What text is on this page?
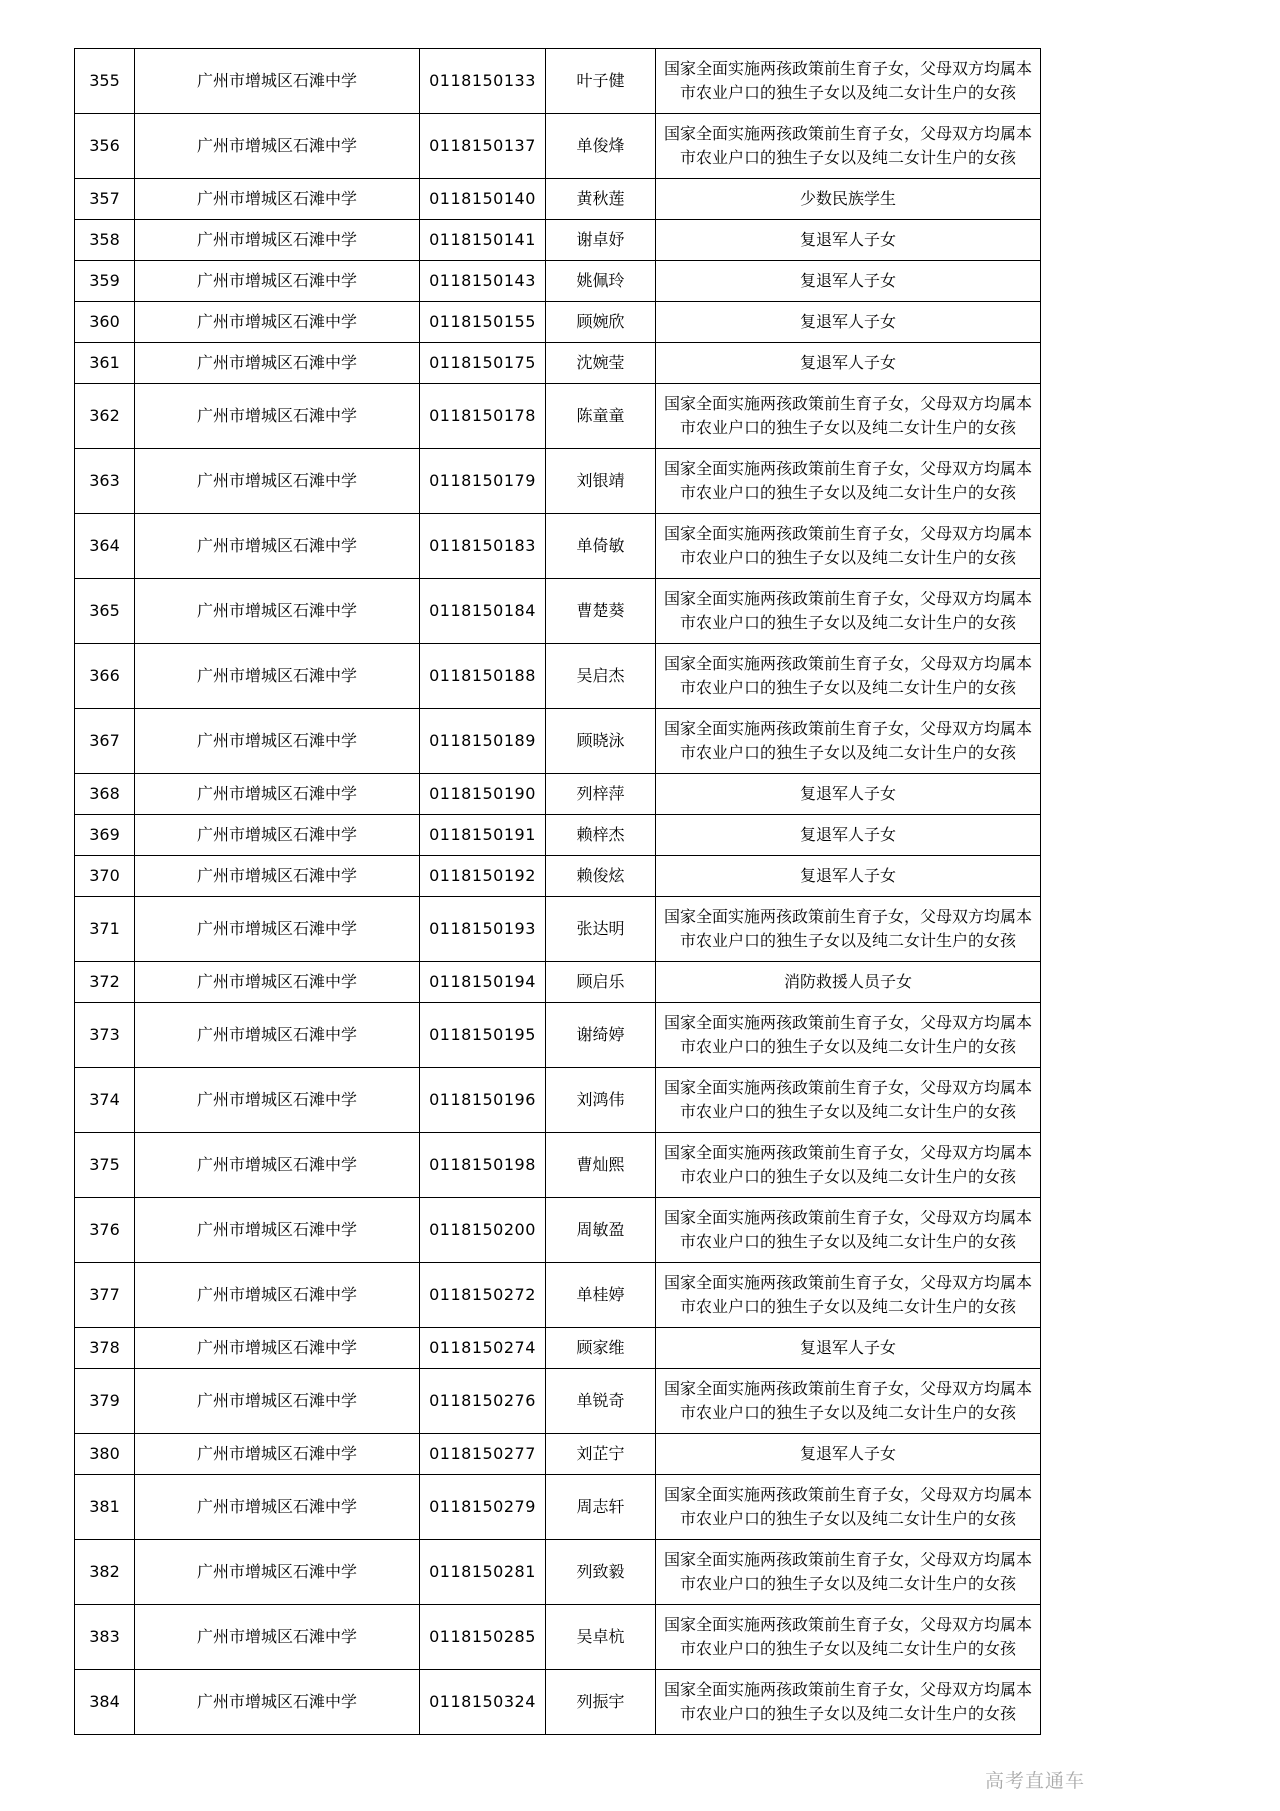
355	广州市增城区石滩中学	0118150133	叶子健	国家全面实施两孩政策前生育子女，父母双方均属本市农业户口的独生子女以及纯二女计生户的女孩
356	广州市增城区石滩中学	0118150137	单俊烽	国家全面实施两孩政策前生育子女，父母双方均属本市农业户口的独生子女以及纯二女计生户的女孩
357	广州市增城区石滩中学	0118150140	黄秋莲	少数民族学生
358	广州市增城区石滩中学	0118150141	谢卓妤	复退军人子女
359	广州市增城区石滩中学	0118150143	姚佩玲	复退军人子女
360	广州市增城区石滩中学	0118150155	顾婉欣	复退军人子女
361	广州市增城区石滩中学	0118150175	沈婉莹	复退军人子女
362	广州市增城区石滩中学	0118150178	陈童童	国家全面实施两孩政策前生育子女，父母双方均属本市农业户口的独生子女以及纯二女计生户的女孩
363	广州市增城区石滩中学	0118150179	刘银靖	国家全面实施两孩政策前生育子女，父母双方均属本市农业户口的独生子女以及纯二女计生户的女孩
364	广州市增城区石滩中学	0118150183	单倚敏	国家全面实施两孩政策前生育子女，父母双方均属本市农业户口的独生子女以及纯二女计生户的女孩
365	广州市增城区石滩中学	0118150184	曹楚葵	国家全面实施两孩政策前生育子女，父母双方均属本市农业户口的独生子女以及纯二女计生户的女孩
366	广州市增城区石滩中学	0118150188	吴启杰	国家全面实施两孩政策前生育子女，父母双方均属本市农业户口的独生子女以及纯二女计生户的女孩
367	广州市增城区石滩中学	0118150189	顾晓泳	国家全面实施两孩政策前生育子女，父母双方均属本市农业户口的独生子女以及纯二女计生户的女孩
368	广州市增城区石滩中学	0118150190	列梓萍	复退军人子女
369	广州市增城区石滩中学	0118150191	赖梓杰	复退军人子女
370	广州市增城区石滩中学	0118150192	赖俊炫	复退军人子女
371	广州市增城区石滩中学	0118150193	张达明	国家全面实施两孩政策前生育子女，父母双方均属本市农业户口的独生子女以及纯二女计生户的女孩
372	广州市增城区石滩中学	0118150194	顾启乐	消防救援人员子女
373	广州市增城区石滩中学	0118150195	谢绮婷	国家全面实施两孩政策前生育子女，父母双方均属本市农业户口的独生子女以及纯二女计生户的女孩
374	广州市增城区石滩中学	0118150196	刘鸿伟	国家全面实施两孩政策前生育子女，父母双方均属本市农业户口的独生子女以及纯二女计生户的女孩
375	广州市增城区石滩中学	0118150198	曹灿熙	国家全面实施两孩政策前生育子女，父母双方均属本市农业户口的独生子女以及纯二女计生户的女孩
376	广州市增城区石滩中学	0118150200	周敏盈	国家全面实施两孩政策前生育子女，父母双方均属本市农业户口的独生子女以及纯二女计生户的女孩
377	广州市增城区石滩中学	0118150272	单桂婷	国家全面实施两孩政策前生育子女，父母双方均属本市农业户口的独生子女以及纯二女计生户的女孩
378	广州市增城区石滩中学	0118150274	顾家维	复退军人子女
379	广州市增城区石滩中学	0118150276	单锐奇	国家全面实施两孩政策前生育子女，父母双方均属本市农业户口的独生子女以及纯二女计生户的女孩
380	广州市增城区石滩中学	0118150277	刘芷宁	复退军人子女
381	广州市增城区石滩中学	0118150279	周志轩	国家全面实施两孩政策前生育子女，父母双方均属本市农业户口的独生子女以及纯二女计生户的女孩
382	广州市增城区石滩中学	0118150281	列致毅	国家全面实施两孩政策前生育子女，父母双方均属本市农业户口的独生子女以及纯二女计生户的女孩
383	广州市增城区石滩中学	0118150285	吴卓杭	国家全面实施两孩政策前生育子女，父母双方均属本市农业户口的独生子女以及纯二女计生户的女孩
384	广州市增城区石滩中学	0118150324	列振宇	国家全面实施两孩政策前生育子女，父母双方均属本市农业户口的独生子女以及纯二女计生户的女孩
高考直通车
